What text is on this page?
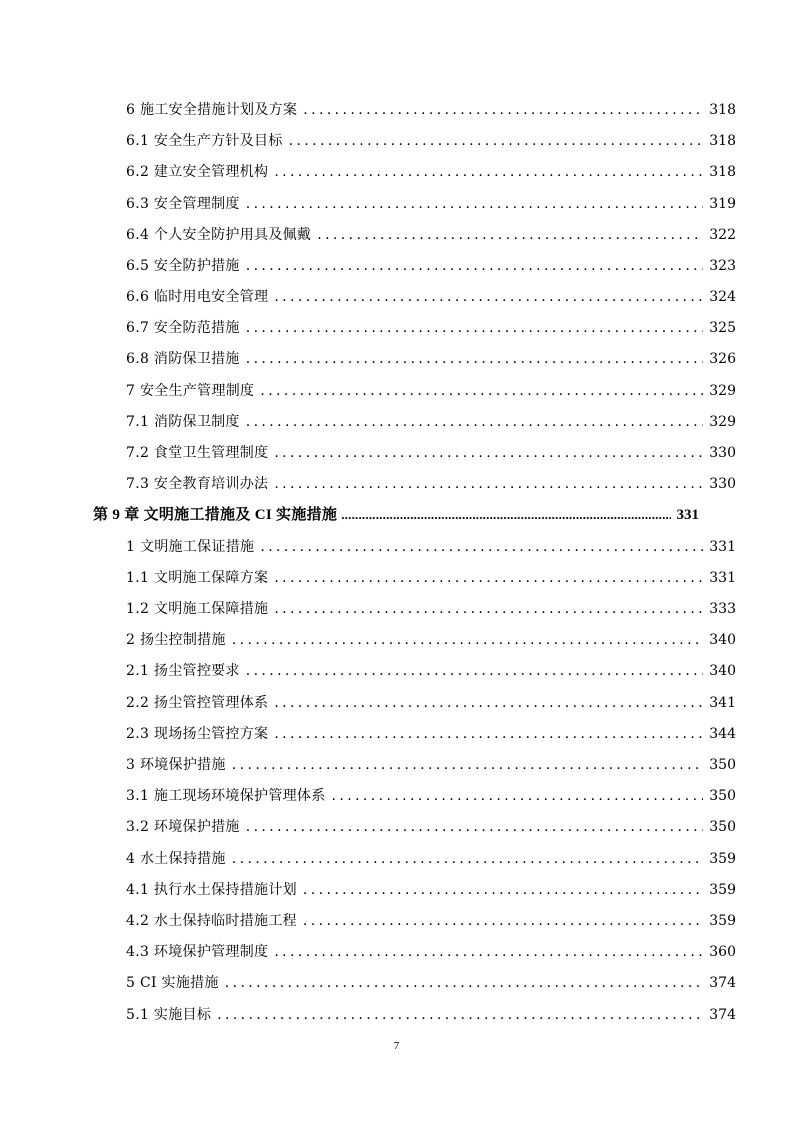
6 施工安全措施计划及方案 .....	318
6.1 安全生产方针及目标 .....	318
6.2 建立安全管理机构 .....	318
6.3 安全管理制度 .....	319
6.4 个人安全防护用具及佩戴 .....	322
6.5 安全防护措施 .....	323
6.6 临时用电安全管理 .....	324
6.7 安全防范措施 .....	325
6.8 消防保卫措施 .....	326
7 安全生产管理制度 .....	329
7.1 消防保卫制度 .....	329
7.2 食堂卫生管理制度 .....	330
7.3 安全教育培训办法 .....	330
第 9 章 文明施工措施及 CI 实施措施 .....	331
1 文明施工保证措施 .....	331
1.1 文明施工保障方案 .....	331
1.2 文明施工保障措施 .....	333
2 扬尘控制措施 .....	340
2.1 扬尘管控要求 .....	340
2.2 扬尘管控管理体系 .....	341
2.3 现场扬尘管控方案 .....	344
3 环境保护措施 .....	350
3.1 施工现场环境保护管理体系 .....	350
3.2 环境保护措施 .....	350
4 水土保持措施 .....	359
4.1 执行水土保持措施计划 .....	359
4.2 水土保持临时措施工程 .....	359
4.3 环境保护管理制度 .....	360
5 CI 实施措施 .....	374
5.1 实施目标 .....	374
7
